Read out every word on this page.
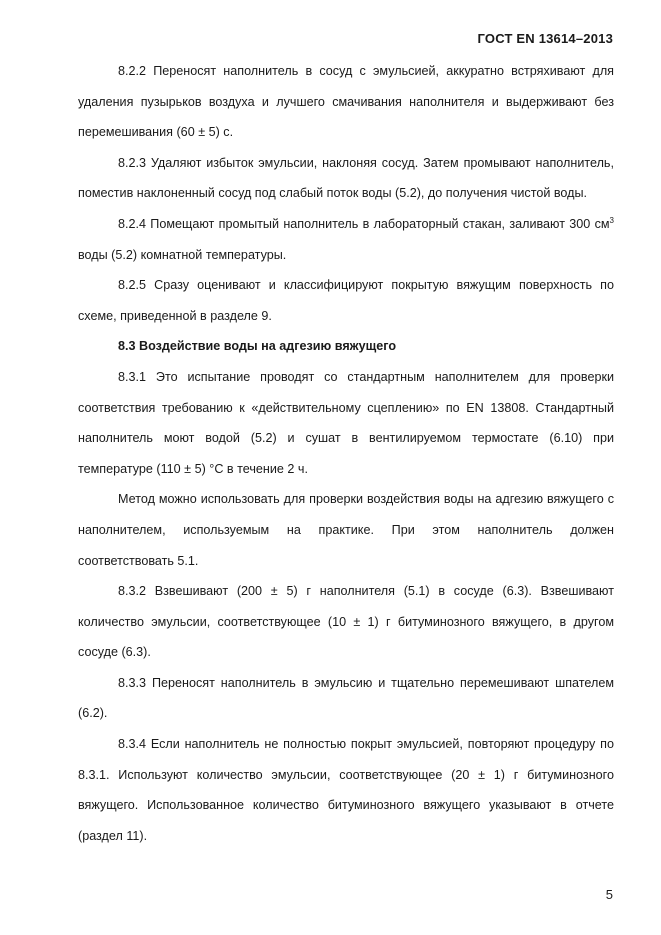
ГОСТ EN 13614–2013

8.2.2 Переносят наполнитель в сосуд с эмульсией, аккуратно встряхивают для удаления пузырьков воздуха и лучшего смачивания наполнителя и выдерживают без перемешивания (60 ± 5) с.

8.2.3 Удаляют избыток эмульсии, наклоняя сосуд. Затем промывают наполнитель, поместив наклоненный сосуд под слабый поток воды (5.2), до получения чистой воды.

8.2.4 Помещают промытый наполнитель в лабораторный стакан, заливают 300 $см^3$ воды (5.2) комнатной температуры.

8.2.5 Сразу оценивают и классифицируют покрытую вяжущим поверхность по схеме, приведенной в разделе 9.

8.3 Воздействие воды на адгезию вяжущего

8.3.1 Это испытание проводят со стандартным наполнителем для проверки соответствия требованию к «действительному сцеплению» по EN 13808. Стандартный наполнитель моют водой (5.2) и сушат в вентилируемом термостате (6.10) при температуре (110 ± 5) °С в течение 2 ч.

Метод можно использовать для проверки воздействия воды на адгезию вяжущего с наполнителем, используемым на практике. При этом наполнитель должен соответствовать 5.1.

8.3.2 Взвешивают (200 ± 5) г наполнителя (5.1) в сосуде (6.3). Взвешивают количество эмульсии, соответствующее (10 ± 1) г битуминозного вяжущего, в другом сосуде (6.3).

8.3.3 Переносят наполнитель в эмульсию и тщательно перемешивают шпателем (6.2).

8.3.4 Если наполнитель не полностью покрыт эмульсией, повторяют процедуру по 8.3.1. Используют количество эмульсии, соответствующее (20 ± 1) г битуминозного вяжущего. Использованное количество битуминозного вяжущего указывают в отчете (раздел 11).

5
